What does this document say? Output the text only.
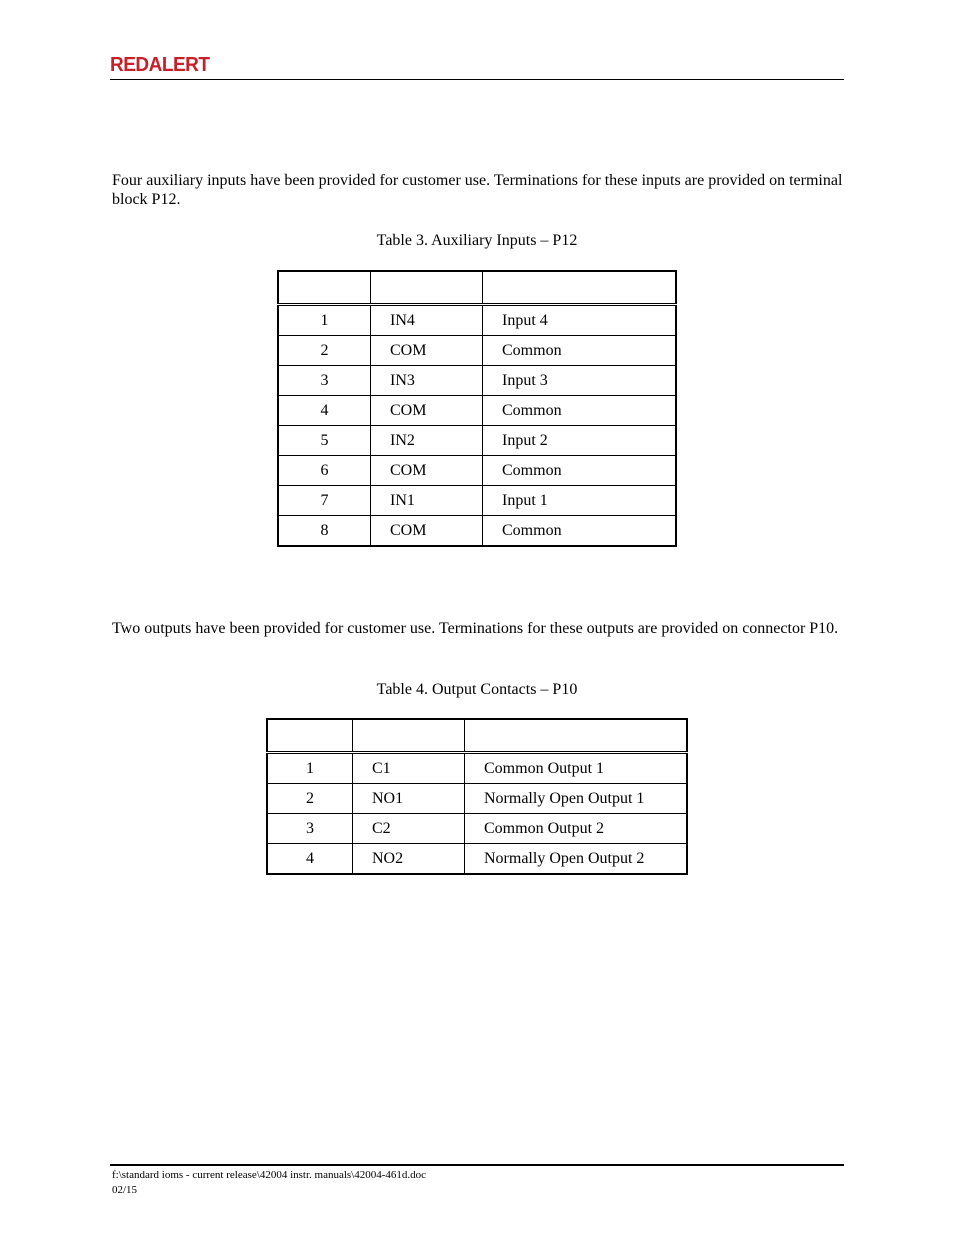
REDALERT
Four auxiliary inputs have been provided for customer use. Terminations for these inputs are provided on terminal block P12.
Table 3. Auxiliary Inputs – P12

1	IN4	Input 4
2	COM	Common
3	IN3	Input 3
4	COM	Common
5	IN2	Input 2
6	COM	Common
7	IN1	Input 1
8	COM	Common
Two outputs have been provided for customer use. Terminations for these outputs are provided on connector P10.
Table 4. Output Contacts – P10

1	C1	Common Output 1
2	NO1	Normally Open Output 1
3	C2	Common Output 2
4	NO2	Normally Open Output 2
f:\standard ioms - current release\42004 instr. manuals\42004-461d.doc
02/15
